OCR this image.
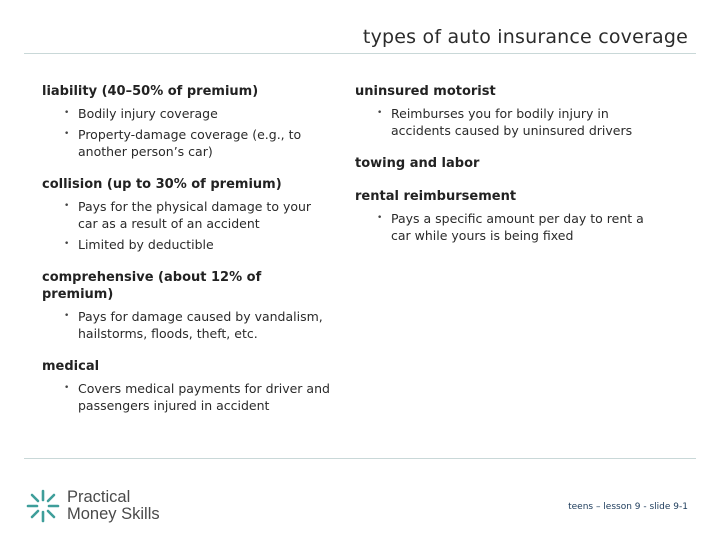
types of auto insurance coverage
liability (40–50% of premium)
• Bodily injury coverage
• Property-damage coverage (e.g., to another person’s car)
collision (up to 30% of premium)
• Pays for the physical damage to your car as a result of an accident
• Limited by deductible
comprehensive (about 12% of premium)
• Pays for damage caused by vandalism, hailstorms, floods, theft, etc.
medical
• Covers medical payments for driver and passengers injured in accident
uninsured motorist
• Reimburses you for bodily injury in accidents caused by uninsured drivers
towing and labor
rental reimbursement
• Pays a specific amount per day to rent a car while yours is being fixed
Practical
Money Skills	teens – lesson 9 - slide 9-1
